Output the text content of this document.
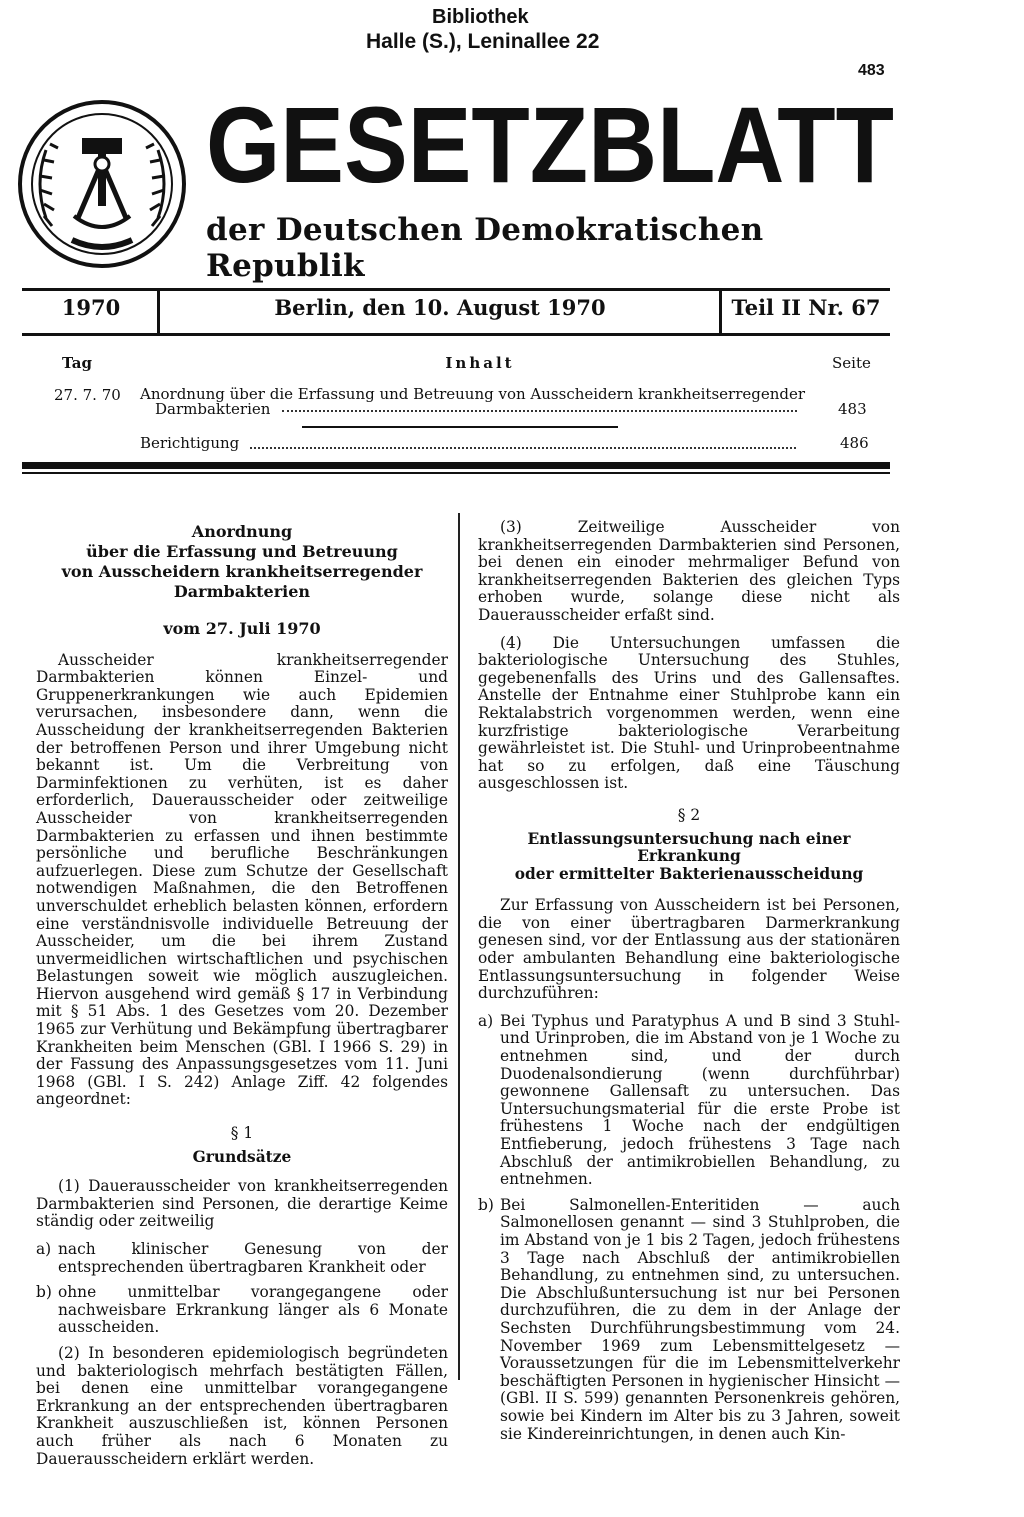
Bibliothek
Halle (S.), Leninallee 22
483
GESETZBLATT
der Deutschen Demokratischen Republik
1970	Berlin, den 10. August 1970	Teil II Nr. 67
Tag	Inhalt	Seite
27. 7. 70 Anordnung über die Erfassung und Betreuung von Ausscheidern krankheitserregender
Darmbakterien	483
Berichtigung	486
Anordnung
über die Erfassung und Betreuung
von Ausscheidern krankheitserregender
Darmbakterien
vom 27. Juli 1970

Ausscheider krankheitserregender Darmbakterien können Einzel- und Gruppenerkrankungen wie auch Epidemien verursachen, insbesondere dann, wenn die Ausscheidung der krankheitserregenden Bakterien der betroffenen Person und ihrer Umgebung nicht bekannt ist. Um die Verbreitung von Darminfektionen zu verhüten, ist es daher erforderlich, Dauerausscheider oder zeitweilige Ausscheider von krankheitserregenden Darmbakterien zu erfassen und ihnen bestimmte persönliche und berufliche Beschränkungen aufzuerlegen. Diese zum Schutze der Gesellschaft notwendigen Maßnahmen, die den Betroffenen unverschuldet erheblich belasten können, erfordern eine verständnisvolle individuelle Betreuung der Ausscheider, um die bei ihrem Zustand unvermeidlichen wirtschaftlichen und psychischen Belastungen soweit wie möglich auszugleichen. Hiervon ausgehend wird gemäß § 17 in Verbindung mit § 51 Abs. 1 des Gesetzes vom 20. Dezember 1965 zur Verhütung und Bekämpfung übertragbarer Krankheiten beim Menschen (GBl. I 1966 S. 29) in der Fassung des Anpassungsgesetzes vom 11. Juni 1968 (GBl. I S. 242) Anlage Ziff. 42 folgendes angeordnet:

§ 1
Grundsätze

(1) Dauerausscheider von krankheitserregenden Darmbakterien sind Personen, die derartige Keime ständig oder zeitweilig

a) nach klinischer Genesung von der entsprechenden übertragbaren Krankheit oder
b) ohne unmittelbar vorangegangene oder nachweisbare Erkrankung länger als 6 Monate ausscheiden.

(2) In besonderen epidemiologisch begründeten und bakteriologisch mehrfach bestätigten Fällen, bei denen eine unmittelbar vorangegangene Erkrankung an der entsprechenden übertragbaren Krankheit auszuschließen ist, können Personen auch früher als nach 6 Monaten zu Dauerausscheidern erklärt werden.

(3) Zeitweilige Ausscheider von krankheitserregenden Darmbakterien sind Personen, bei denen ein einoder mehrmaliger Befund von krankheitserregenden Bakterien des gleichen Typs erhoben wurde, solange diese nicht als Dauerausscheider erfaßt sind.

(4) Die Untersuchungen umfassen die bakteriologische Untersuchung des Stuhles, gegebenenfalls des Urins und des Gallensaftes. Anstelle der Entnahme einer Stuhlprobe kann ein Rektalabstrich vorgenommen werden, wenn eine kurzfristige bakteriologische Verarbeitung gewährleistet ist. Die Stuhl- und Urinprobeentnahme hat so zu erfolgen, daß eine Täuschung ausgeschlossen ist.

§ 2
Entlassungsuntersuchung nach einer Erkrankung
oder ermittelter Bakterienausscheidung

Zur Erfassung von Ausscheidern ist bei Personen, die von einer übertragbaren Darmerkrankung genesen sind, vor der Entlassung aus der stationären oder ambulanten Behandlung eine bakteriologische Entlassungsuntersuchung in folgender Weise durchzuführen:

a) Bei Typhus und Paratyphus A und B sind 3 Stuhl- und Urinproben, die im Abstand von je 1 Woche zu entnehmen sind, und der durch Duodenalsondierung (wenn durchführbar) gewonnene Gallensaft zu untersuchen. Das Untersuchungsmaterial für die erste Probe ist frühestens 1 Woche nach der endgültigen Entfieberung, jedoch frühestens 3 Tage nach Abschluß der antimikrobiellen Behandlung, zu entnehmen.
b) Bei Salmonellen-Enteritiden — auch Salmonellosen genannt — sind 3 Stuhlproben, die im Abstand von je 1 bis 2 Tagen, jedoch frühestens 3 Tage nach Abschluß der antimikrobiellen Behandlung, zu entnehmen sind, zu untersuchen. Die Abschlußuntersuchung ist nur bei Personen durchzuführen, die zu dem in der Anlage der Sechsten Durchführungsbestimmung vom 24. November 1969 zum Lebensmittelgesetz — Voraussetzungen für die im Lebensmittelverkehr beschäftigten Personen in hygienischer Hinsicht — (GBl. II S. 599) genannten Personenkreis gehören, sowie bei Kindern im Alter bis zu 3 Jahren, soweit sie Kindereinrichtungen, in denen auch Kin-
